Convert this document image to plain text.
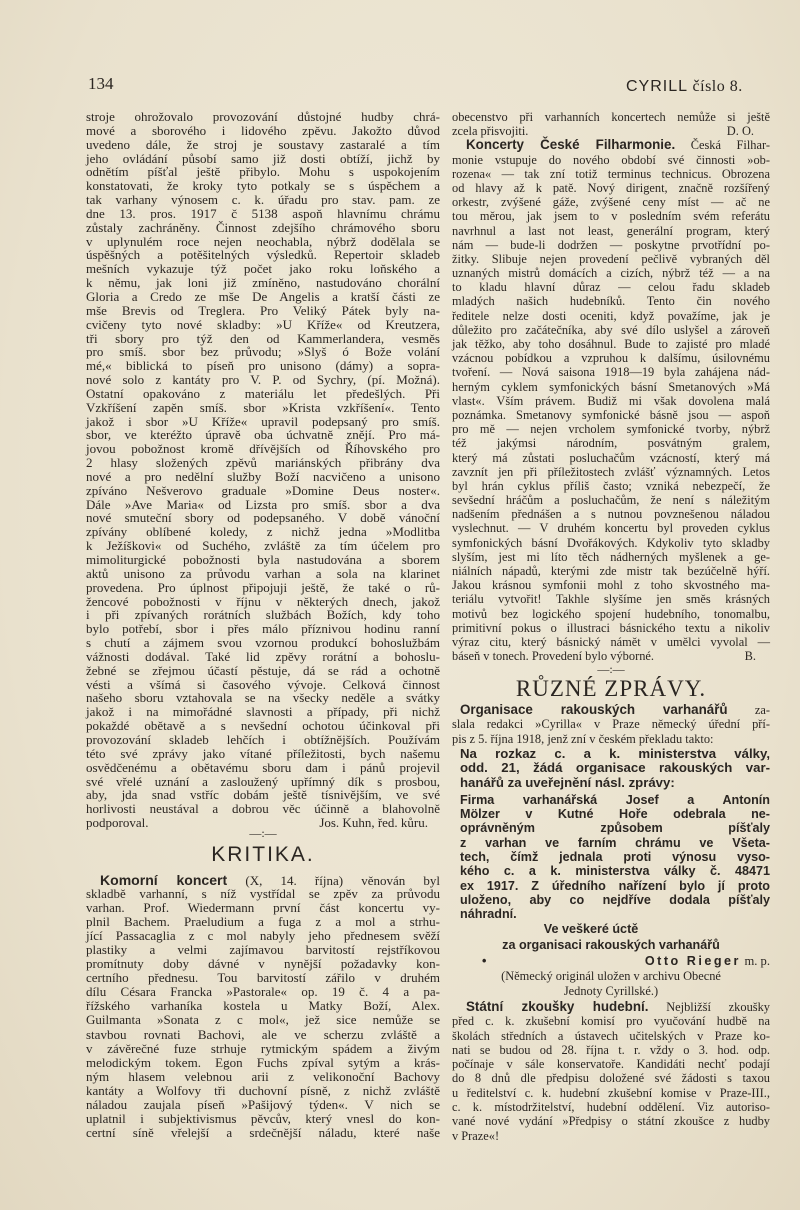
134	CYRILL číslo 8.
stroje ohrožovalo provozování důstojné hudby chrá-
mové a sborového i lidového zpěvu. Jakožto důvod
uvedeno dále, že stroj je soustavy zastaralé a tím
jeho ovládání působí samo již dosti obtíží, jichž by
odnětím píšťal ještě přibylo. Mohu s uspokojením
konstatovati, že kroky tyto potkaly se s úspěchem a
tak varhany výnosem c. k. úřadu pro stav. pam. ze
dne 13. pros. 1917 č 5138 aspoň hlavnímu chrámu
zůstaly zachráněny. Činnost zdejšího chrámového sboru
v uplynulém roce nejen neochabla, nýbrž dodělala se
úspěšných a potěšitelných výsledků. Repertoir skladeb
mešních vykazuje týž počet jako roku loňského a
k němu, jak loni již zmíněno, nastudováno chorální
Gloria a Credo ze mše De Angelis a kratší části ze
mše Brevis od Treglera. Pro Veliký Pátek byly na-
cvičeny tyto nové skladby: »U Kříže« od Kreutzera,
tři sbory pro týž den od Kammerlandera, vesměs
pro smíš. sbor bez průvodu; »Slyš ó Bože volání
mé,« biblická to píseň pro unisono (dámy) a sopra-
nové solo z kantáty pro V. P. od Sychry, (pí. Možná).
Ostatní opakováno z materiálu let předešlých. Při
Vzkříšení zapěn smíš. sbor »Krista vzkříšení«. Tento
jakož i sbor »U Kříže« upravil podepsaný pro smíš.
sbor, ve kteréžto úpravě oba úchvatně znějí. Pro má-
jovou pobožnost kromě dřívějších od Říhovského pro
2 hlasy složených zpěvů mariánských přibrány dva
nové a pro nedělní služby Boží nacvičeno a unisono
zpíváno Nešverovo graduale »Domine Deus noster«.
Dále »Ave Maria« od Lizsta pro smíš. sbor a dva
nové smuteční sbory od podepsaného. V době vánoční
zpívány oblíbené koledy, z nichž jedna »Modlitba
k Ježíškovi« od Suchého, zvláště za tím účelem pro
mimoliturgické pobožnosti byla nastudována a sborem
aktů unisono za průvodu varhan a sola na klarinet
provedena. Pro úplnost připojuji ještě, že také o rů-
žencové pobožnosti v říjnu v některých dnech, jakož
i při zpívaných rorátních službách Božích, kdy toho
bylo potřebí, sbor i přes málo příznivou hodinu ranní
s chutí a zájmem svou vzornou produkcí bohoslužbám
vážnosti dodával. Také lid zpěvy rorátní a bohoslu-
žebné se zřejmou účastí pěstuje, dá se rád a ochotně
vésti a všímá si časového vývoje. Celková činnost
našeho sboru vztahovala se na všecky neděle a svátky
jakož i na mimořádné slavnosti a případy, při nichž
pokaždé obětavě a s nevšední ochotou účinkoval při
provozování skladeb lehčích i obtížnějších. Používám
této své zprávy jako vítané příležitosti, bych našemu
osvědčenému a obětavému sboru dam i pánů projevil
své vřelé uznání a zasloužený upřímný dík s prosbou,
aby, jda snad vstříc dobám ještě tísnivějším, ve své
horlivosti neustával a dobrou věc účinně a blahovolně
podporoval.	Jos. Kuhn, řed. kůru.
—:—
KRITIKA.
Komorní koncert (X, 14. října) věnován byl
skladbě varhanní, s níž vystřídal se zpěv za průvodu
varhan. Prof. Wiedermann první část koncertu vy-
plnil Bachem. Praeludium a fuga z a mol a strhu-
jící Passacaglia z c mol nabyly jeho přednesem svěží
plastiky a velmi zajímavou barvitostí rejstříkovou
promítnuty doby dávné v nynější požadavky kon-
certního přednesu. Tou barvitostí zářilo v druhém
dílu Césara Francka »Pastorale« op. 19 č. 4 a pa-
řížského varhaníka kostela u Matky Boží, Alex.
Guilmanta »Sonata z c mol«, jež sice nemůže se
stavbou rovnati Bachovi, ale ve scherzu zvláště a
v závěrečné fuze strhuje rytmickým spádem a živým
melodickým tokem. Egon Fuchs zpíval sytým a krás-
ným hlasem velebnou arii z velikonoční Bachovy
kantáty a Wolfovy tři duchovní písně, z nichž zvláště
náladou zaujala píseň »Pašijový týden«. V nich se
uplatnil i subjektivismus pěvcův, který vnesl do kon-
certní síně vřelejší a srdečnější náladu, které naše
obecenstvo při varhanních koncertech nemůže si ještě
zcela přisvojiti.	D. O.
Koncerty České Filharmonie. Česká Filhar-
monie vstupuje do nového období své činnosti »ob-
rozena« — tak zní totiž terminus technicus. Obrozena
od hlavy až k patě. Nový dirigent, značně rozšířený
orkestr, zvýšené gáže, zvýšené ceny míst — ač ne
tou měrou, jak jsem to v posledním svém referátu
navrhnul a last not least, generální program, který
nám — bude-li dodržen — poskytne prvotřídní po-
žitky. Slibuje nejen provedení pečlivě vybraných děl
uznaných mistrů domácích a cizích, nýbrž též — a na
to kladu hlavní důraz — celou řadu skladeb
mladých našich hudebníků. Tento čin nového
ředitele nelze dosti oceniti, když považíme, jak je
důležito pro začátečníka, aby své dílo uslyšel a zároveň
jak těžko, aby toho dosáhnul. Bude to zajisté pro mladé
vzácnou pobídkou a vzpruhou k dalšímu, úsilovnému
tvoření. — Nová saisona 1918—19 byla zahájena nád-
herným cyklem symfonických básní Smetanových »Má
vlast«. Vším právem. Budiž mi však dovolena malá
poznámka. Smetanovy symfonické básně jsou — aspoň
pro mě — nejen vrcholem symfonické tvorby, nýbrž
též jakýmsi národním, posvátným gralem,
který má zůstati posluchačům vzácností, který má
zavznít jen při příležitostech zvlášť významných. Letos
byl hrán cyklus příliš často; vzniká nebezpečí, že
sevšední hráčům a posluchačům, že není s náležitým
nadšením přednášen a s nutnou povznešenou náladou
vyslechnut. — V druhém koncertu byl proveden cyklus
symfonických básní Dvořákových. Kdykoliv tyto skladby
slyším, jest mi líto těch nádherných myšlenek a ge-
niálních nápadů, kterými zde mistr tak bezúčelně hýří.
Jakou krásnou symfonii mohl z toho skvostného ma-
teriálu vytvořit! Takhle slyšíme jen směs krásných
motivů bez logického spojení hudebního, tonomalbu,
primitivní pokus o illustraci básnického textu a nikoliv
výraz citu, který básnický námět v umělci vyvolal —
báseň v tonech. Provedení bylo výborné.	B.
—:—
RŮZNÉ ZPRÁVY.
Organisace rakouských varhanářů za-
slala redakci »Cyrilla« v Praze německý úřední pří-
pis z 5. října 1918, jenž zní v českém překladu takto:
Na rozkaz c. a k. ministerstva války,
odd. 21, žádá organisace rakouských var-
hanářů za uveřejnění násl. zprávy:
Firma varhanářská Josef a Antonín
Mölzer v Kutné Hoře odebrala ne-
oprávněným způsobem píšťaly
z varhan ve farním chrámu ve Všeta-
tech, čímž jednala proti výnosu vyso-
kého c. a k. ministerstva války č. 48471
ex 1917. Z úředního nařízení bylo jí proto
uloženo, aby co nejdříve dodala píšťaly
náhradní.
Ve veškeré úctě
za organisaci rakouských varhanářů
•	Otto Rieger m. p.
(Německý originál uložen v archivu Obecné
Jednoty Cyrillské.)
Státní zkoušky hudební. Nejbližší zkoušky
před c. k. zkušební komisí pro vyučování hudbě na
školách středních a ústavech učitelských v Praze ko-
nati se budou od 28. října t. r. vždy o 3. hod. odp.
počínaje v sále konservatoře. Kandidáti nechť podají
do 8 dnů dle předpisu doložené své žádosti s taxou
u ředitelství c. k. hudební zkušební komise v Praze-III.,
c. k. místodržitelství, hudební oddělení. Viz autoriso-
vané nové vydání »Předpisy o státní zkoušce z hudby
v Praze«!
